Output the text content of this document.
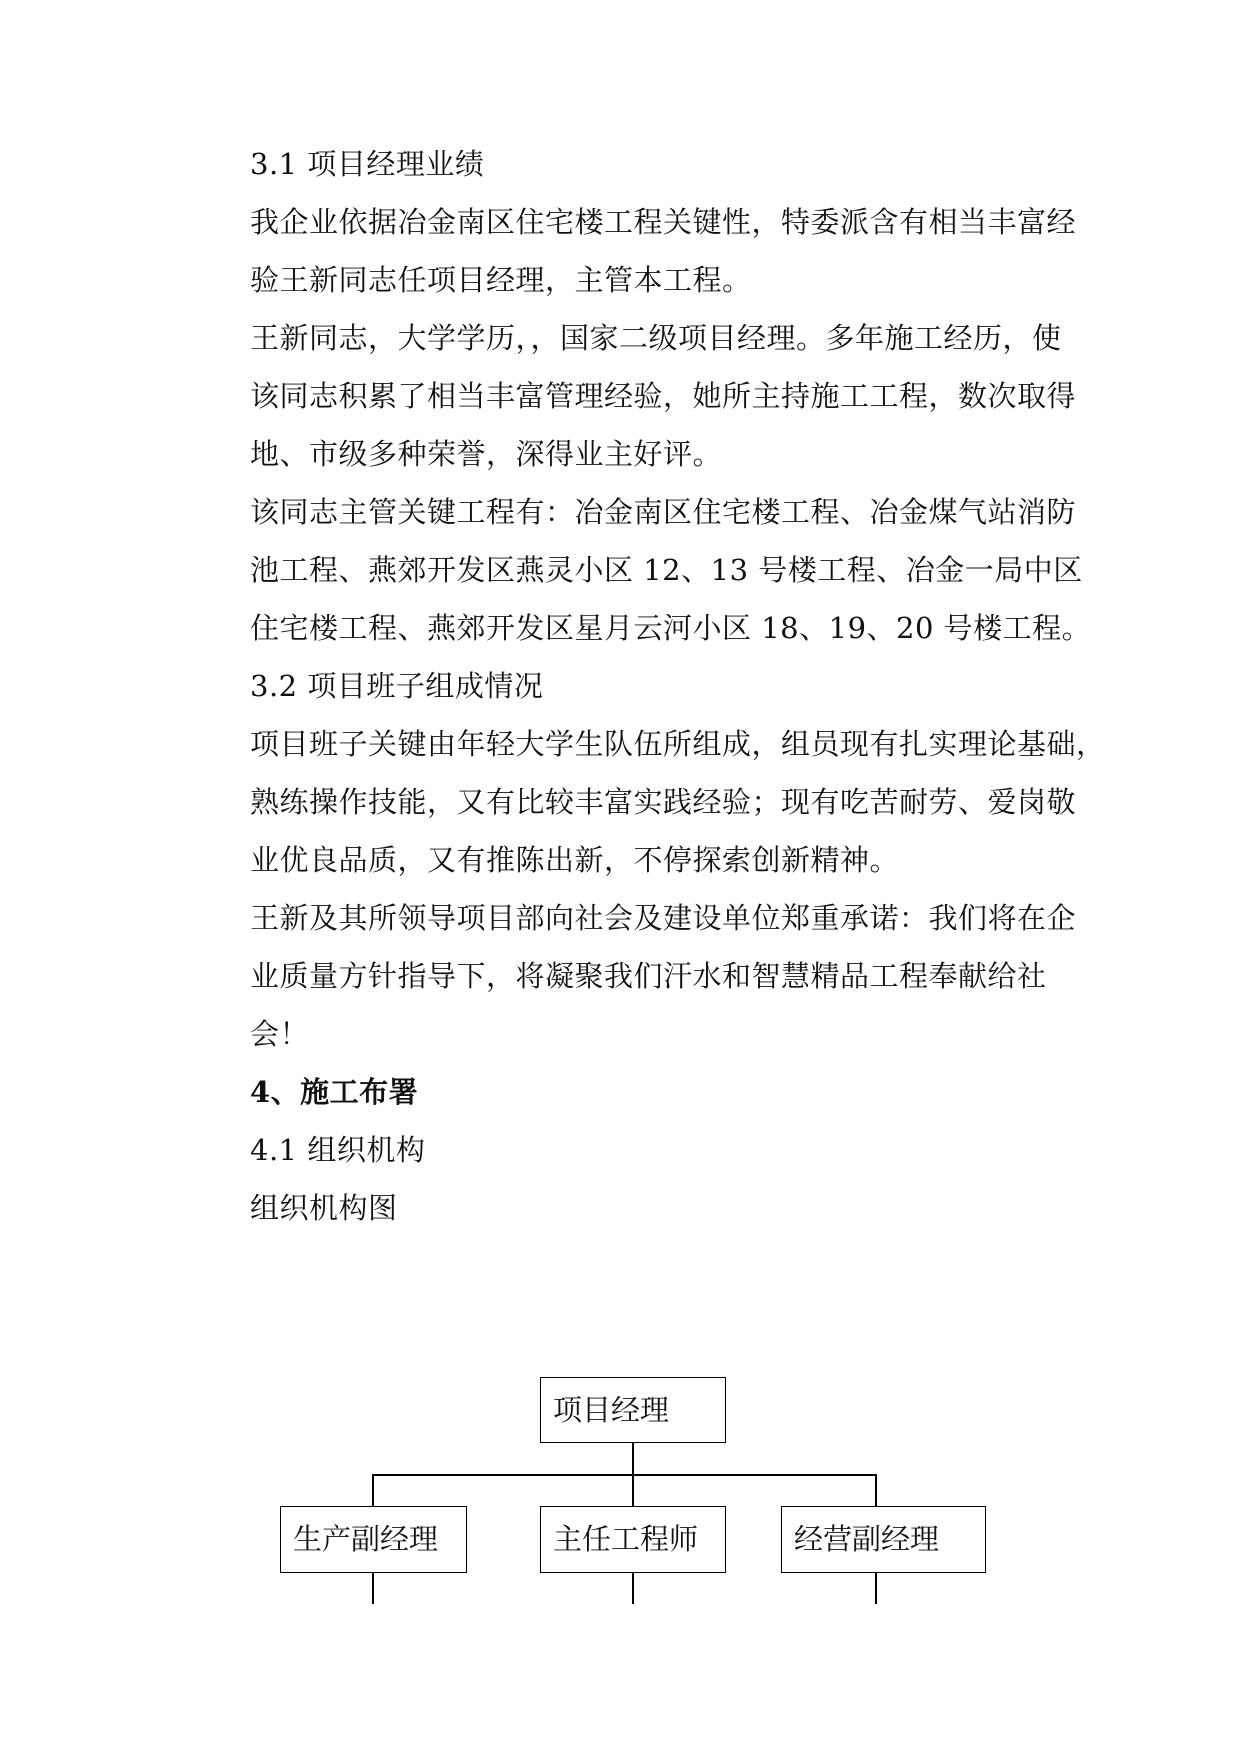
3.1 项目经理业绩
我企业依据冶金南区住宅楼工程关键性，特委派含有相当丰富经
验王新同志任项目经理，主管本工程。
王新同志，大学学历，，国家二级项目经理。多年施工经历，使
该同志积累了相当丰富管理经验，她所主持施工工程，数次取得
地、市级多种荣誉，深得业主好评。
该同志主管关键工程有：冶金南区住宅楼工程、冶金煤气站消防
池工程、燕郊开发区燕灵小区 12、13 号楼工程、冶金一局中区
住宅楼工程、燕郊开发区星月云河小区 18、19、20 号楼工程。
3.2 项目班子组成情况
项目班子关键由年轻大学生队伍所组成，组员现有扎实理论基础，
熟练操作技能，又有比较丰富实践经验；现有吃苦耐劳、爱岗敬
业优良品质，又有推陈出新，不停探索创新精神。
王新及其所领导项目部向社会及建设单位郑重承诺：我们将在企
业质量方针指导下，将凝聚我们汗水和智慧精品工程奉献给社
会！
4、施工布署
4.1 组织机构
组织机构图
项目经理
生产副经理	主任工程师	经营副经理
